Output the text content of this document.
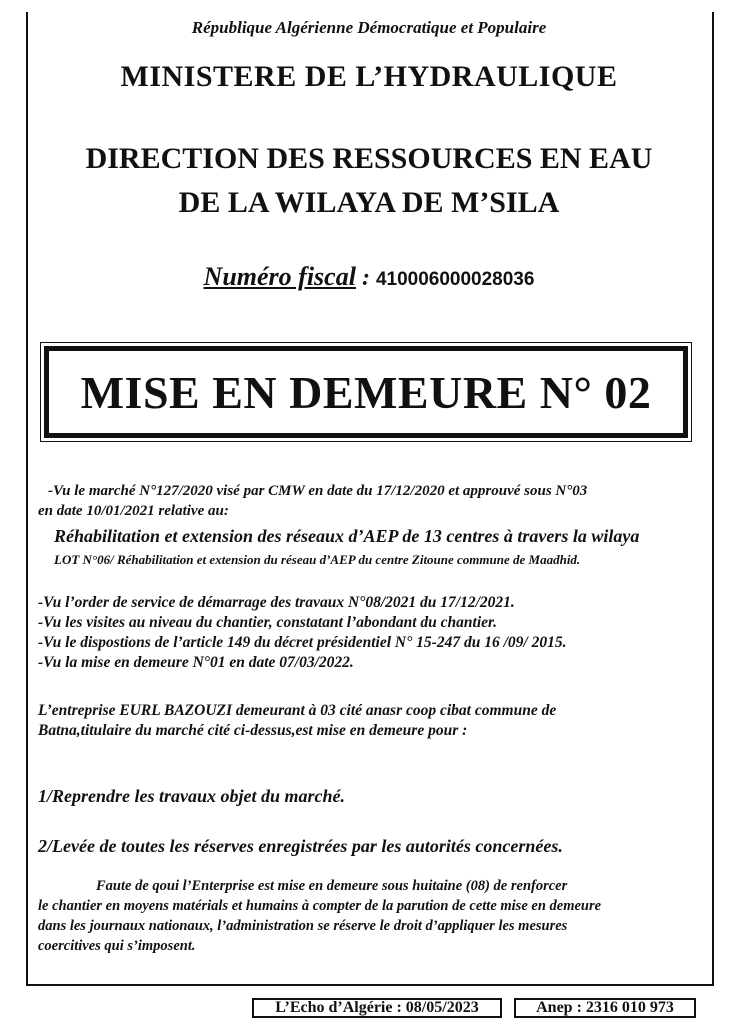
République Algérienne Démocratique et Populaire
MINISTERE DE L’HYDRAULIQUE
DIRECTION DES RESSOURCES EN EAU
DE LA WILAYA DE M’SILA
Numéro fiscal : 410006000028036
MISE EN DEMEURE N° 02
-Vu le marché N°127/2020 visé par CMW en date du 17/12/2020 et approuvé sous N°03
en date 10/01/2021 relative au:
Réhabilitation et extension des réseaux d’AEP de 13 centres à travers la wilaya
LOT N°06/ Réhabilitation et extension du réseau d’AEP du centre Zitoune commune de Maadhid.
-Vu l’order de service de démarrage des travaux N°08/2021 du 17/12/2021.
-Vu les visites au niveau du chantier, constatant l’abondant du chantier.
-Vu le dispostions de l’article 149 du décret présidentiel N° 15-247 du 16 /09/ 2015.
-Vu la mise en demeure N°01 en date 07/03/2022.
L’entreprise EURL BAZOUZI demeurant à 03 cité anasr coop cibat commune de
Batna,titulaire du marché cité ci-dessus,est mise en demeure pour :
1/Reprendre les travaux objet du marché.
2/Levée de toutes les réserves enregistrées par les autorités concernées.
Faute de qoui l’Enterprise est mise en demeure sous huitaine (08) de renforcer
le chantier en moyens matérials et humains à compter de la parution de cette mise en demeure
dans les journaux nationaux, l’administration se réserve le droit d’appliquer les mesures
coercitives qui s’imposent.
L’Echo d’Algérie : 08/05/2023	Anep : 2316 010 973
